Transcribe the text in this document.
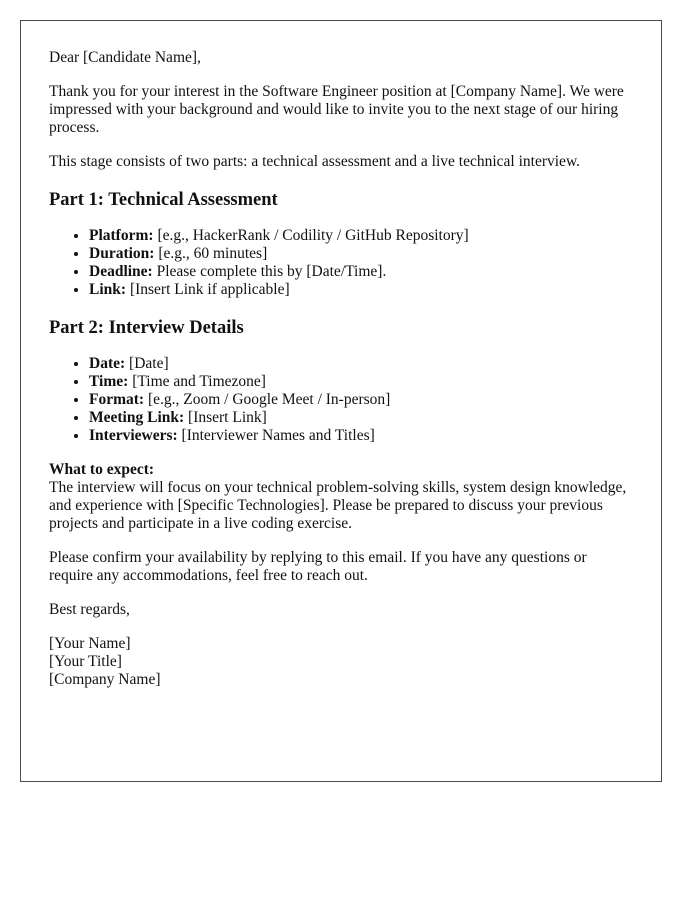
Dear [Candidate Name],

Thank you for your interest in the Software Engineer position at [Company Name]. We were impressed with your background and would like to invite you to the next stage of our hiring process.

This stage consists of two parts: a technical assessment and a live technical interview.

Part 1: Technical Assessment
• Platform: [e.g., HackerRank / Codility / GitHub Repository]
• Duration: [e.g., 60 minutes]
• Deadline: Please complete this by [Date/Time].
• Link: [Insert Link if applicable]
Part 2: Interview Details
• Date: [Date]
• Time: [Time and Timezone]
• Format: [e.g., Zoom / Google Meet / In-person]
• Meeting Link: [Insert Link]
• Interviewers: [Interviewer Names and Titles]

What to expect:
The interview will focus on your technical problem-solving skills, system design knowledge, and experience with [Specific Technologies]. Please be prepared to discuss your previous projects and participate in a live coding exercise.

Please confirm your availability by replying to this email. If you have any questions or require any accommodations, feel free to reach out.

Best regards,

[Your Name]
[Your Title]
[Company Name]
